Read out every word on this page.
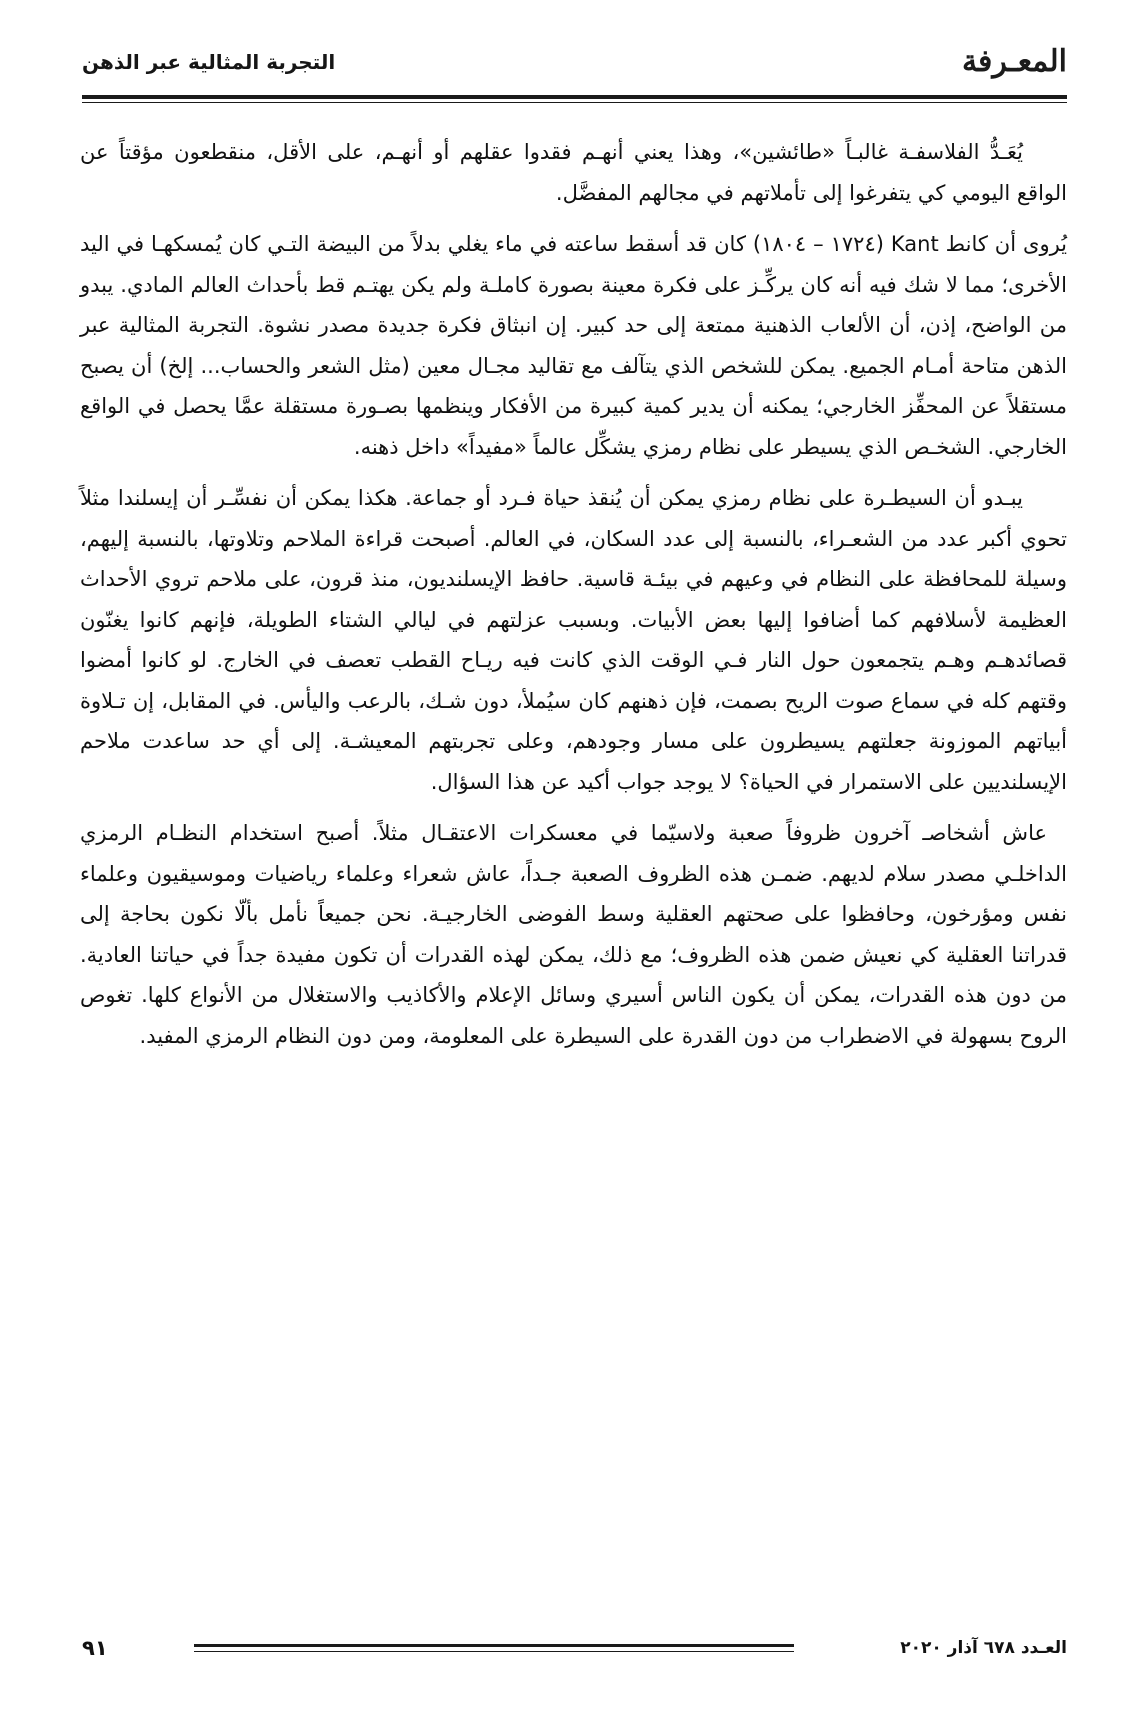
المعـرفة
التجربة المثالية عبر الذهن

يُعَـدُّ الفلاسفـة غالبـاً «طائشين»، وهذا يعني أنهـم فقدوا عقلهم أو أنهـم، على الأقل، منقطعون مؤقتاً عن الواقع اليومي كي يتفرغوا إلى تأملاتهم في مجالهم المفضَّل.

يُروى أن كانط Kant (١٧٢٤ – ١٨٠٤) كان قد أسقط ساعته في ماء يغلي بدلاً من البيضة التـي كان يُمسكهـا في اليد الأخرى؛ مما لا شك فيه أنه كان يركِّـز على فكرة معينة بصورة كاملـة ولم يكن يهتـم قط بأحداث العالم المادي. يبدو من الواضح، إذن، أن الألعاب الذهنية ممتعة إلى حد كبير. إن انبثاق فكرة جديدة مصدر نشوة. التجربة المثالية عبر الذهن متاحة أمـام الجميع. يمكن للشخص الذي يتآلف مع تقاليد مجـال معين (مثل الشعر والحساب... إلخ) أن يصبح مستقلاً عن المحفِّز الخارجي؛ يمكنه أن يدير كمية كبيرة من الأفكار وينظمها بصـورة مستقلة عمَّا يحصل في الواقع الخارجي. الشخـص الذي يسيطر على نظام رمزي يشكِّل عالماً «مفيداً» داخل ذهنه.

يبـدو أن السيطـرة على نظام رمزي يمكن أن يُنقذ حياة فـرد أو جماعة. هكذا يمكن أن نفسِّـر أن إيسلندا مثلاً تحوي أكبر عدد من الشعـراء، بالنسبة إلى عدد السكان، في العالم. أصبحت قراءة الملاحم وتلاوتها، بالنسبة إليهم، وسيلة للمحافظة على النظام في وعيهم في بيئـة قاسية. حافظ الإيسلنديون، منذ قرون، على ملاحم تروي الأحداث العظيمة لأسلافهم كما أضافوا إليها بعض الأبيات. وبسبب عزلتهم في ليالي الشتاء الطويلة، فإنهم كانوا يغنّون قصائدهـم وهـم يتجمعون حول النار فـي الوقت الذي كانت فيه ريـاح القطب تعصف في الخارج. لو كانوا أمضوا وقتهم كله في سماع صوت الريح بصمت، فإن ذهنهم كان سيُملأ، دون شـك، بالرعب واليأس. في المقابل، إن تـلاوة أبياتهم الموزونة جعلتهم يسيطرون على مسار وجودهم، وعلى تجربتهم المعيشـة. إلى أي حد ساعدت ملاحم الإيسلنديين على الاستمرار في الحياة؟ لا يوجد جواب أكيد عن هذا السؤال.

عاش أشخاصـ آخرون ظروفاً صعبة ولاسيّما في معسكرات الاعتقـال مثلاً. أصبح استخدام النظـام الرمزي الداخلـي مصدر سلام لديهم. ضمـن هذه الظروف الصعبة جـداً، عاش شعراء وعلماء رياضيات وموسيقيون وعلماء نفس ومؤرخون، وحافظوا على صحتهم العقلية وسط الفوضى الخارجيـة. نحن جميعاً نأمل بألّا نكون بحاجة إلى قدراتنا العقلية كي نعيش ضمن هذه الظروف؛ مع ذلك، يمكن لهذه القدرات أن تكون مفيدة جداً في حياتنا العادية. من دون هذه القدرات، يمكن أن يكون الناس أسيري وسائل الإعلام والأكاذيب والاستغلال من الأنواع كلها. تغوص الروح بسهولة في الاضطراب من دون القدرة على السيطرة على المعلومة، ومن دون النظام الرمزي المفيد.

٩١	العـدد ٦٧٨ آذار ٢٠٢٠
